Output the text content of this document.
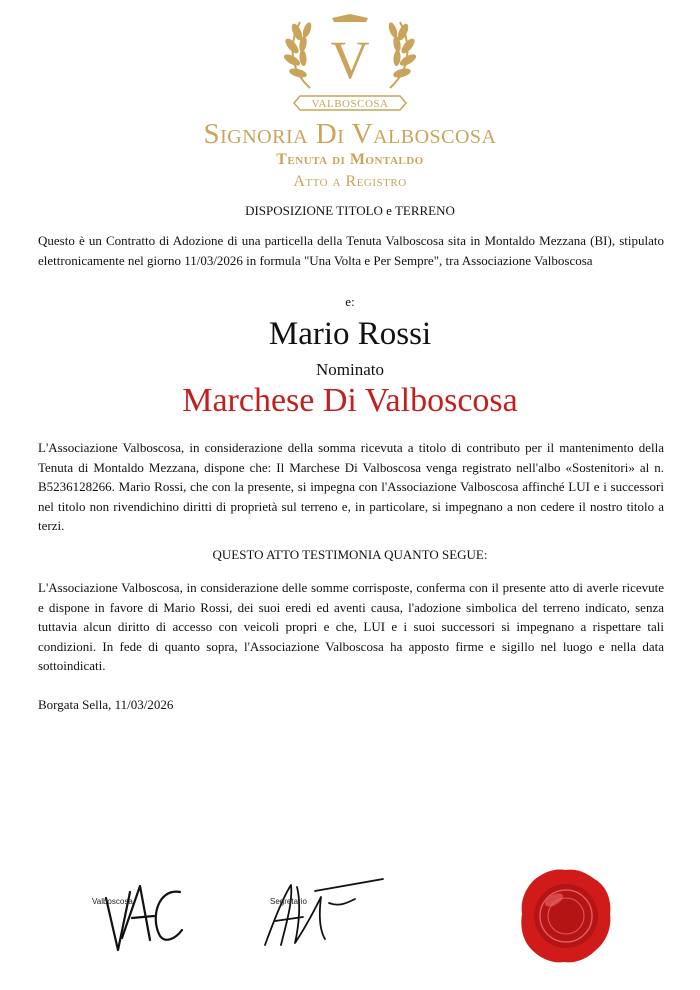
V
VALBOSCOSA
Signoria Di Valboscosa
Tenuta di Montaldo
Atto a Registro
DISPOSIZIONE TITOLO e TERRENO
Questo è un Contratto di Adozione di una particella della Tenuta Valboscosa sita in Montaldo Mezzana (BI), stipulato elettronicamente nel giorno 11/03/2026 in formula "Una Volta e Per Sempre", tra Associazione Valboscosa
e:
Mario Rossi
Nominato
Marchese Di Valboscosa
L'Associazione Valboscosa, in considerazione della somma ricevuta a titolo di contributo per il mantenimento della Tenuta di Montaldo Mezzana, dispone che: Il Marchese Di Valboscosa venga registrato nell'albo «Sostenitori» al n. B5236128266. Mario Rossi, che con la presente, si impegna con l'Associazione Valboscosa affinché LUI e i successori nel titolo non rivendichino diritti di proprietà sul terreno e, in particolare, si impegnano a non cedere il nostro titolo a terzi.
QUESTO ATTO TESTIMONIA QUANTO SEGUE:
L'Associazione Valboscosa, in considerazione delle somme corrisposte, conferma con il presente atto di averle ricevute e dispone in favore di Mario Rossi, dei suoi eredi ed aventi causa, l'adozione simbolica del terreno indicato, senza tuttavia alcun diritto di accesso con veicoli propri e che, LUI e i suoi successori si impegnano a rispettare tali condizioni. In fede di quanto sopra, l'Associazione Valboscosa ha apposto firme e sigillo nel luogo e nella data sottoindicati.
Borgata Sella, 11/03/2026
Valboscosa	Segretario
